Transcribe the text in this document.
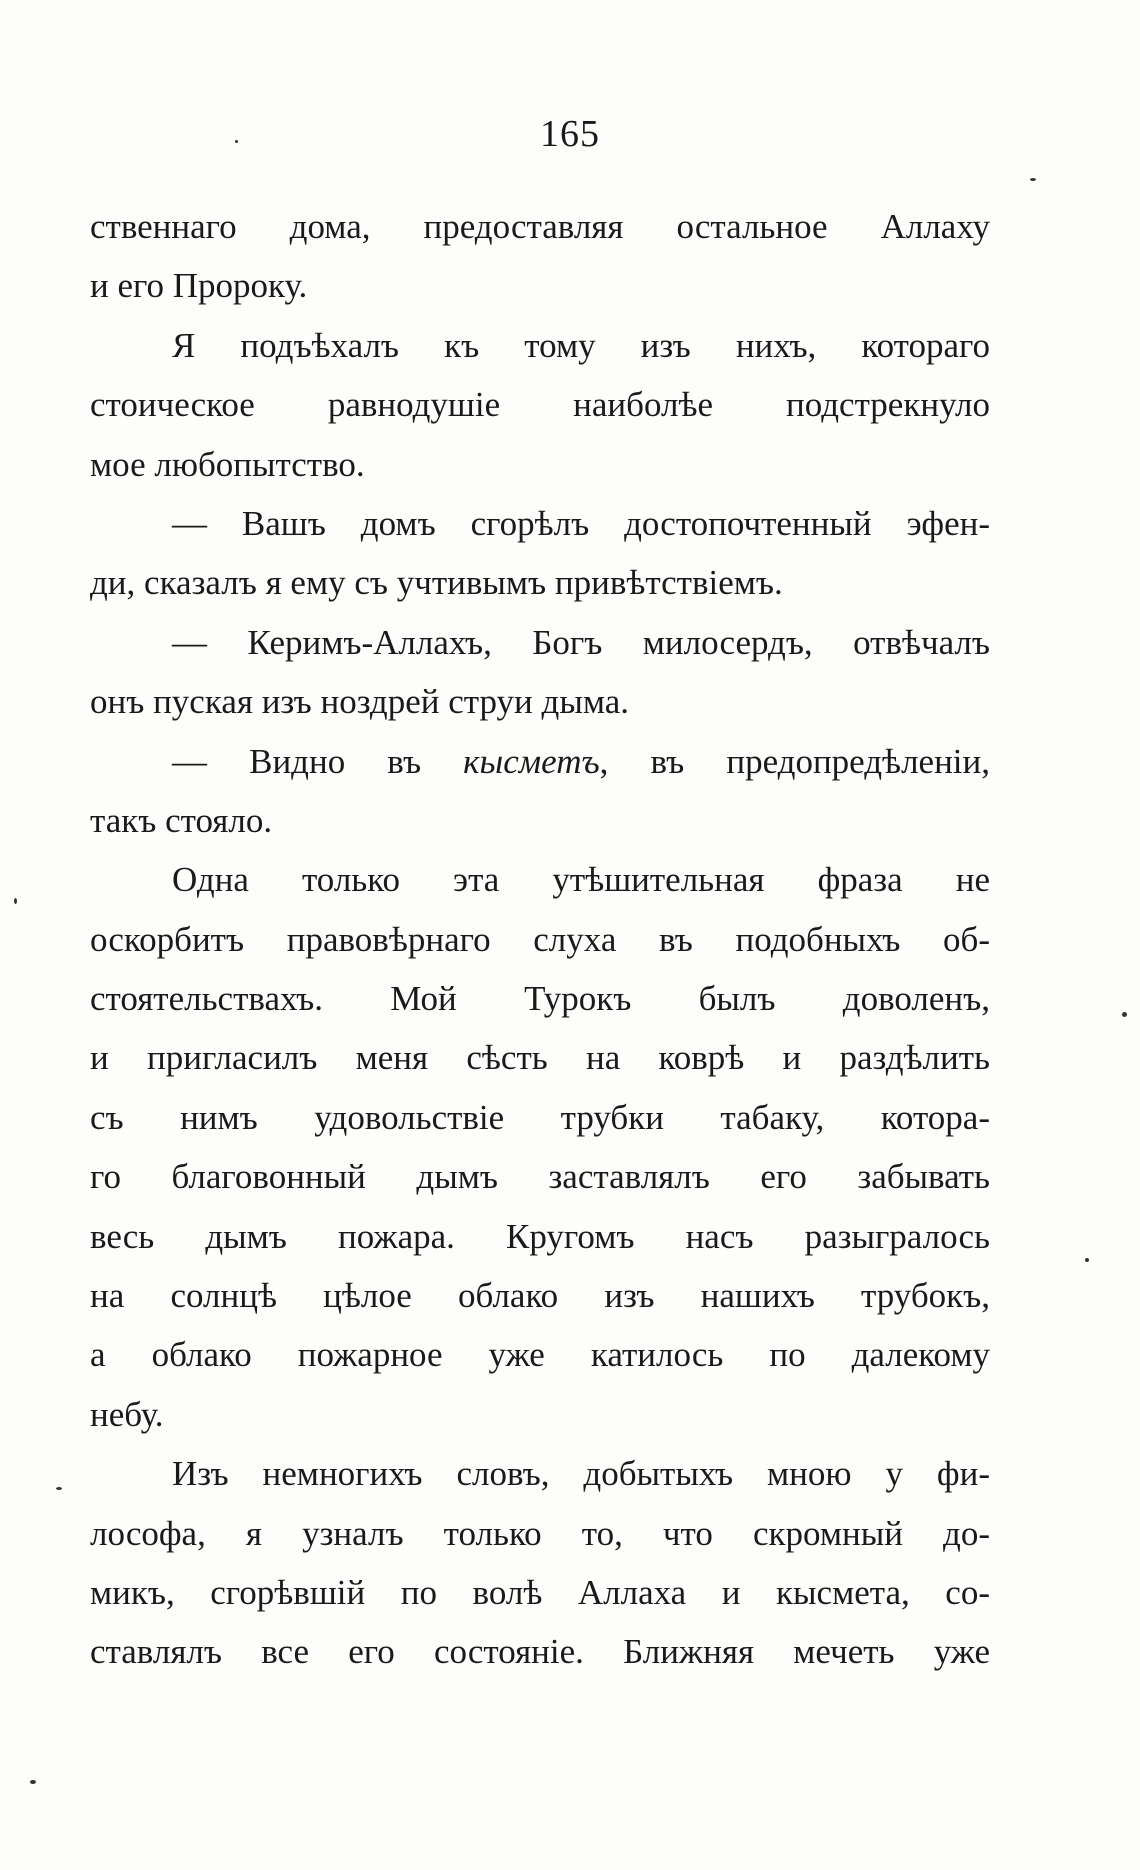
165
ственнаго дома, предоставляя остальное Аллаху
и его Пророку.
Я подъѣхалъ къ тому изъ нихъ, котораго
стоическое равнодушіе наиболѣе подстрекнуло
мое любопытство.
— Вашъ домъ сгорѣлъ достопочтенный эфен-
ди, сказалъ я ему съ учтивымъ привѣтствіемъ.
— Керимъ-Аллахъ, Богъ милосердъ, отвѣчалъ
онъ пуская изъ ноздрей струи дыма.
— Видно въ кысметъ, въ предопредѣленіи,
такъ стояло.
Одна только эта утѣшительная фраза не
оскорбитъ правовѣрнаго слуха въ подобныхъ об-
стоятельствахъ. Мой Турокъ былъ доволенъ,
и пригласилъ меня сѣсть на коврѣ и раздѣлить
съ нимъ удовольствіе трубки табаку, котора-
го благовонный дымъ заставлялъ его забывать
весь дымъ пожара. Кругомъ насъ разыгралось
на солнцѣ цѣлое облако изъ нашихъ трубокъ,
а облако пожарное уже катилось по далекому
небу.
Изъ немногихъ словъ, добытыхъ мною у фи-
лософа, я узналъ только то, что скромный до-
микъ, сгорѣвшій по волѣ Аллаха и кысмета, со-
ставлялъ все его состояніе. Ближняя мечеть уже
